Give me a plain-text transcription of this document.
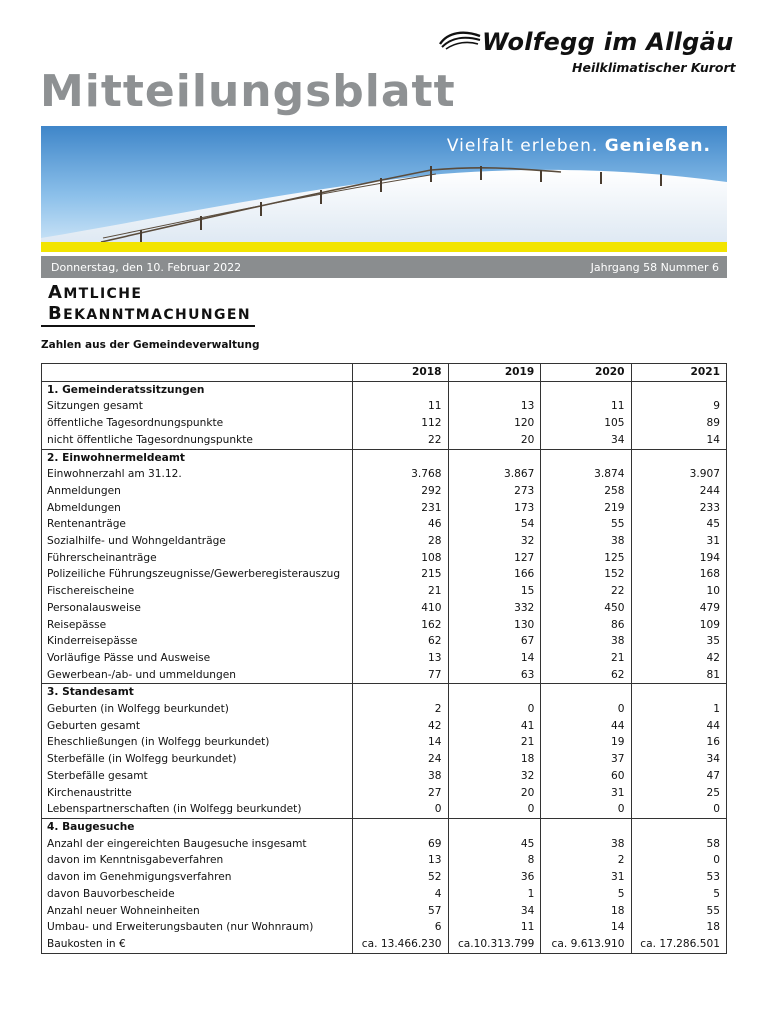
Wolfegg im Allgäu
Heilklimatischer Kurort
Mitteilungsblatt
Vielfalt erleben. Genießen.
Donnerstag, den 10. Februar 2022	Jahrgang 58 Nummer 6
AMTLICHE
BEKANNTMACHUNGEN
Zahlen aus der Gemeindeverwaltung
	2018	2019	2020	2021
1. Gemeinderatssitzungen				
Sitzungen gesamt	11	13	11	9
öffentliche Tagesordnungspunkte	112	120	105	89
nicht öffentliche Tagesordnungspunkte	22	20	34	14
2. Einwohnermeldeamt				
Einwohnerzahl am 31.12.	3.768	3.867	3.874	3.907
Anmeldungen	292	273	258	244
Abmeldungen	231	173	219	233
Rentenanträge	46	54	55	45
Sozialhilfe- und Wohngeldanträge	28	32	38	31
Führerscheinanträge	108	127	125	194
Polizeiliche Führungszeugnisse/Gewerberegisterauszug	215	166	152	168
Fischereischeine	21	15	22	10
Personalausweise	410	332	450	479
Reisepässe	162	130	86	109
Kinderreisepässe	62	67	38	35
Vorläufige Pässe und Ausweise	13	14	21	42
Gewerbean-/ab- und ummeldungen	77	63	62	81
3. Standesamt				
Geburten (in Wolfegg beurkundet)	2	0	0	1
Geburten gesamt	42	41	44	44
Eheschließungen (in Wolfegg beurkundet)	14	21	19	16
Sterbefälle (in Wolfegg beurkundet)	24	18	37	34
Sterbefälle gesamt	38	32	60	47
Kirchenaustritte	27	20	31	25
Lebenspartnerschaften (in Wolfegg beurkundet)	0	0	0	0
4. Baugesuche				
Anzahl der eingereichten Baugesuche insgesamt	69	45	38	58
davon im Kenntnisgabeverfahren	13	8	2	0
davon im Genehmigungsverfahren	52	36	31	53
davon Bauvorbescheide	4	1	5	5
Anzahl neuer Wohneinheiten	57	34	18	55
Umbau- und Erweiterungsbauten (nur Wohnraum)	6	11	14	18
Baukosten in €	ca. 13.466.230	ca.10.313.799	ca. 9.613.910	ca. 17.286.501
